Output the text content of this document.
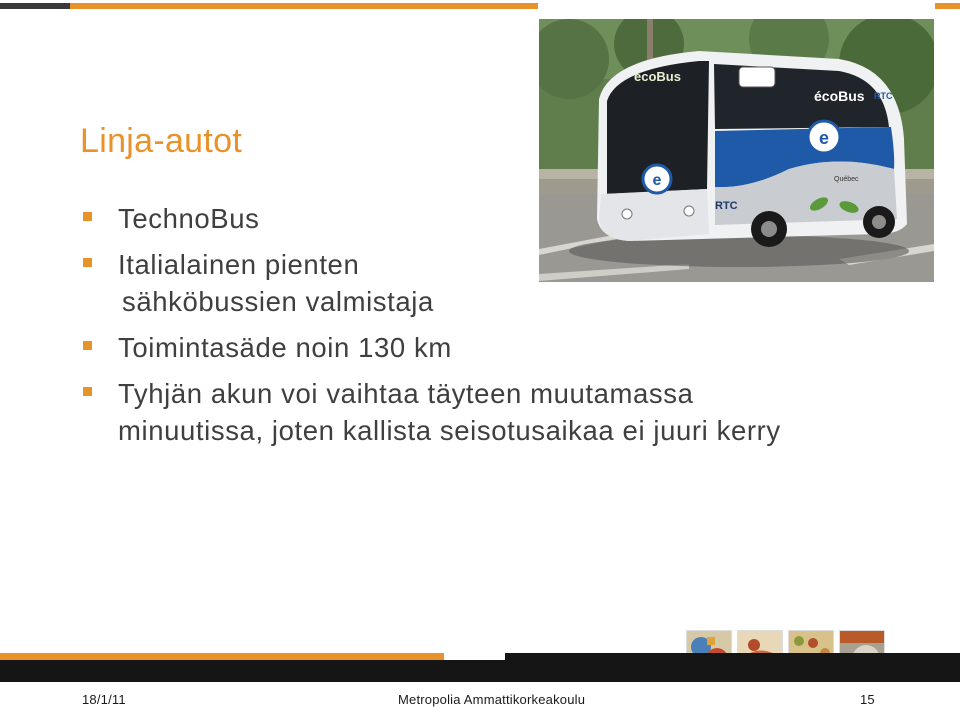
Linja-autot
TechnoBus
Italialainen pienten
sähköbussien valmistaja
Toimintasäde noin 130 km
Tyhjän akun voi vaihtaa täyteen muutamassa
minuutissa, joten kallista seisotusaikaa ei juuri kerry
e
e
écoBus
écoBus
RTC
RTC
Québec
18/1/11	Metropolia Ammattikorkeakoulu	15
